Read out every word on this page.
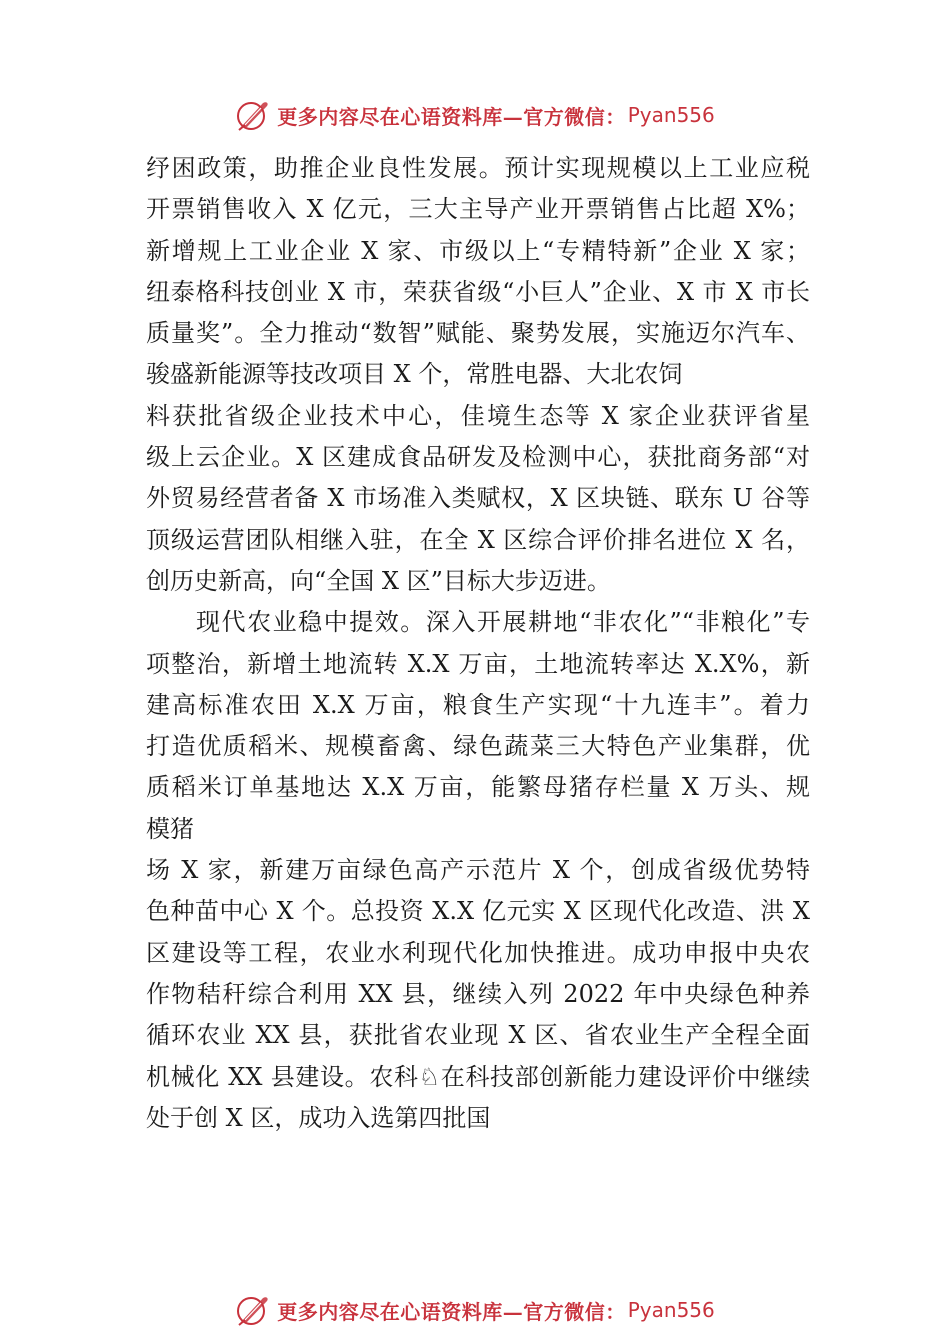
更多内容尽在心语资料库—官方微信： Pyan556
纾困政策，助推企业良性发展。预计实现规模以上工业应税
开票销售收入 X 亿元，三大主导产业开票销售占比超 X%；
新增规上工业企业 X 家、市级以上“专精特新”企业 X 家；
纽泰格科技创业 X 市，荣获省级“小巨人”企业、X 市 X 市长
质量奖”。全力推动“数智”赋能、聚势发展，实施迈尔汽车、
骏盛新能源等技改项目 X 个，常胜电器、大北农饲
料获批省级企业技术中心，佳境生态等 X 家企业获评省星
级上云企业。X 区建成食品研发及检测中心，获批商务部“对
外贸易经营者备 X 市场准入类赋权，X 区块链、联东 U 谷等
顶级运营团队相继入驻，在全 X 区综合评价排名进位 X 名，
创历史新高，向“全国 X 区”目标大步迈进。
现代农业稳中提效。深入开展耕地“非农化”“非粮化”专
项整治，新增土地流转 X.X 万亩，土地流转率达 X.X%，新
建高标准农田 X.X 万亩，粮食生产实现“十九连丰”。着力
打造优质稻米、规模畜禽、绿色蔬菜三大特色产业集群，优
质稻米订单基地达 X.X 万亩，能繁母猪存栏量 X 万头、规
模猪
场 X 家，新建万亩绿色高产示范片 X 个，创成省级优势特
色种苗中心 X 个。总投资 X.X 亿元实 X 区现代化改造、洪 X
区建设等工程，农业水利现代化加快推进。成功申报中央农
作物秸秆综合利用 XX 县，继续入列 2022 年中央绿色种养
循环农业 XX 县，获批省农业现 X 区、省农业生产全程全面
机械化 XX 县建设。农科♘在科技部创新能力建设评价中继续
处于创 X 区，成功入选第四批国
更多内容尽在心语资料库—官方微信： Pyan556
